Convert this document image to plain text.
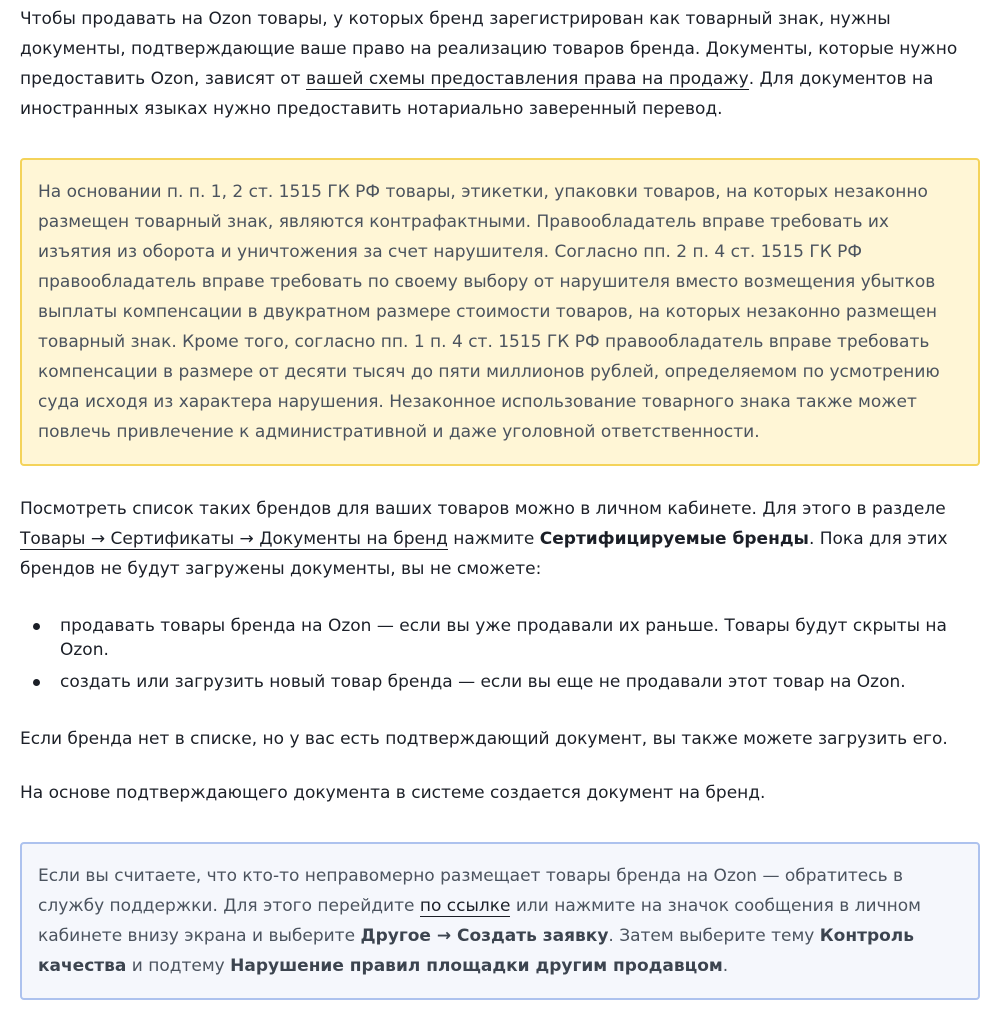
Чтобы продавать на Ozon товары, у которых бренд зарегистрирован как товарный знак, нужны документы, подтверждающие ваше право на реализацию товаров бренда. Документы, которые нужно предоставить Ozon, зависят от вашей схемы предоставления права на продажу. Для документов на иностранных языках нужно предоставить нотариально заверенный перевод.

На основании п. п. 1, 2 ст. 1515 ГК РФ товары, этикетки, упаковки товаров, на которых незаконно размещен товарный знак, являются контрафактными. Правообладатель вправе требовать их изъятия из оборота и уничтожения за счет нарушителя. Согласно пп. 2 п. 4 ст. 1515 ГК РФ правообладатель вправе требовать по своему выбору от нарушителя вместо возмещения убытков выплаты компенсации в двукратном размере стоимости товаров, на которых незаконно размещен товарный знак. Кроме того, согласно пп. 1 п. 4 ст. 1515 ГК РФ правообладатель вправе требовать компенсации в размере от десяти тысяч до пяти миллионов рублей, определяемом по усмотрению суда исходя из характера нарушения. Незаконное использование товарного знака также может повлечь привлечение к административной и даже уголовной ответственности.

Посмотреть список таких брендов для ваших товаров можно в личном кабинете. Для этого в разделе Товары → Сертификаты → Документы на бренд нажмите Сертифицируемые бренды. Пока для этих брендов не будут загружены документы, вы не сможете:

продавать товары бренда на Ozon — если вы уже продавали их раньше. Товары будут скрыты на Ozon.
создать или загрузить новый товар бренда — если вы еще не продавали этот товар на Ozon.

Если бренда нет в списке, но у вас есть подтверждающий документ, вы также можете загрузить его.

На основе подтверждающего документа в системе создается документ на бренд.

Если вы считаете, что кто-то неправомерно размещает товары бренда на Ozon — обратитесь в службу поддержки. Для этого перейдите по ссылке или нажмите на значок сообщения в личном кабинете внизу экрана и выберите Другое → Создать заявку. Затем выберите тему Контроль качества и подтему Нарушение правил площадки другим продавцом.
